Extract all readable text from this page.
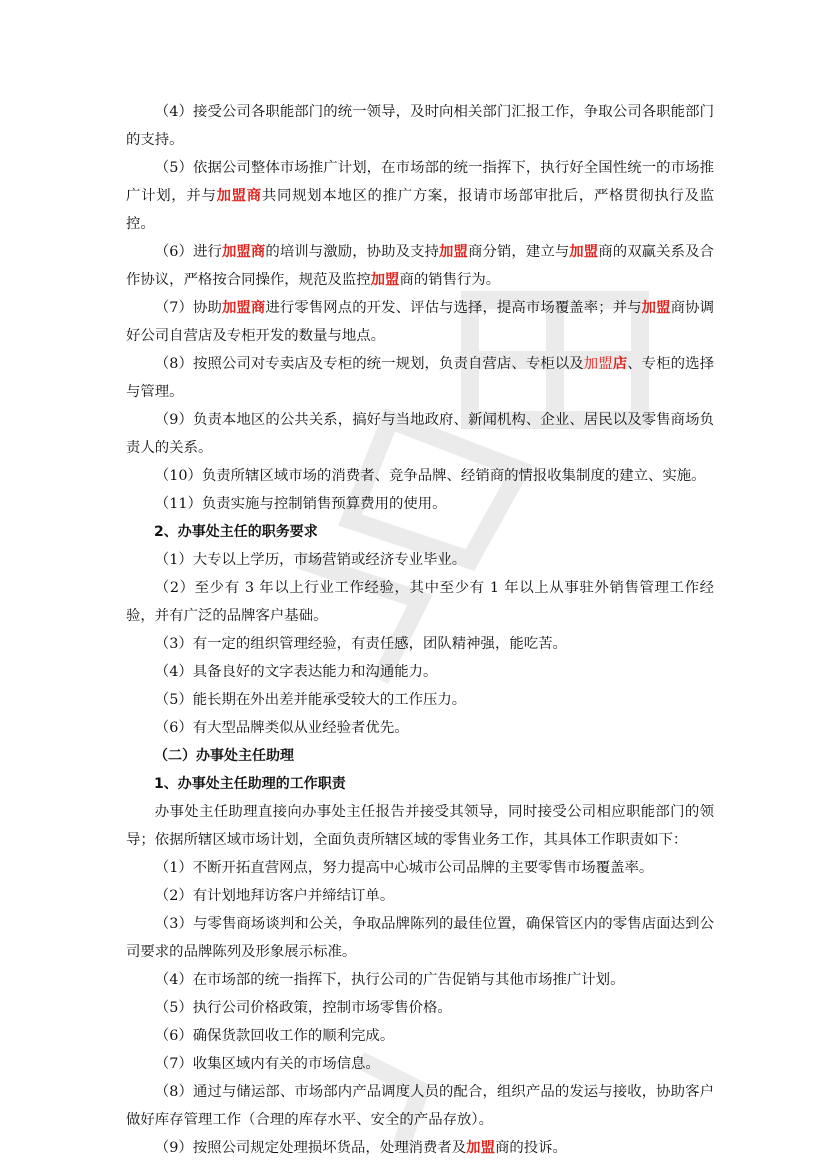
（4）接受公司各职能部门的统一领导，及时向相关部门汇报工作，争取公司各职能部门的支持。

（5）依据公司整体市场推广计划，在市场部的统一指挥下，执行好全国性统一的市场推广计划，并与加盟商共同规划本地区的推广方案，报请市场部审批后，严格贯彻执行及监控。

（6）进行加盟商的培训与激励，协助及支持加盟商分销，建立与加盟商的双赢关系及合作协议，严格按合同操作，规范及监控加盟商的销售行为。

（7）协助加盟商进行零售网点的开发、评估与选择，提高市场覆盖率；并与加盟商协调好公司自营店及专柜开发的数量与地点。

（8）按照公司对专卖店及专柜的统一规划，负责自营店、专柜以及加盟店、专柜的选择与管理。

（9）负责本地区的公共关系，搞好与当地政府、新闻机构、企业、居民以及零售商场负责人的关系。

（10）负责所辖区域市场的消费者、竞争品牌、经销商的情报收集制度的建立、实施。

（11）负责实施与控制销售预算费用的使用。

2、办事处主任的职务要求

（1）大专以上学历，市场营销或经济专业毕业。

（2）至少有 3 年以上行业工作经验，其中至少有 1 年以上从事驻外销售管理工作经验，并有广泛的品牌客户基础。

（3）有一定的组织管理经验，有责任感，团队精神强，能吃苦。

（4）具备良好的文字表达能力和沟通能力。

（5）能长期在外出差并能承受较大的工作压力。

（6）有大型品牌类似从业经验者优先。

（二）办事处主任助理

1、办事处主任助理的工作职责

办事处主任助理直接向办事处主任报告并接受其领导，同时接受公司相应职能部门的领导；依据所辖区域市场计划，全面负责所辖区域的零售业务工作，其具体工作职责如下：

（1）不断开拓直营网点，努力提高中心城市公司品牌的主要零售市场覆盖率。

（2）有计划地拜访客户并缔结订单。

（3）与零售商场谈判和公关，争取品牌陈列的最佳位置，确保管区内的零售店面达到公司要求的品牌陈列及形象展示标准。

（4）在市场部的统一指挥下，执行公司的广告促销与其他市场推广计划。

（5）执行公司价格政策，控制市场零售价格。

（6）确保货款回收工作的顺利完成。

（7）收集区域内有关的市场信息。

（8）通过与储运部、市场部内产品调度人员的配合，组织产品的发运与接收，协助客户做好库存管理工作（合理的库存水平、安全的产品存放）。

（9）按照公司规定处理损坏货品，处理消费者及加盟商的投诉。
